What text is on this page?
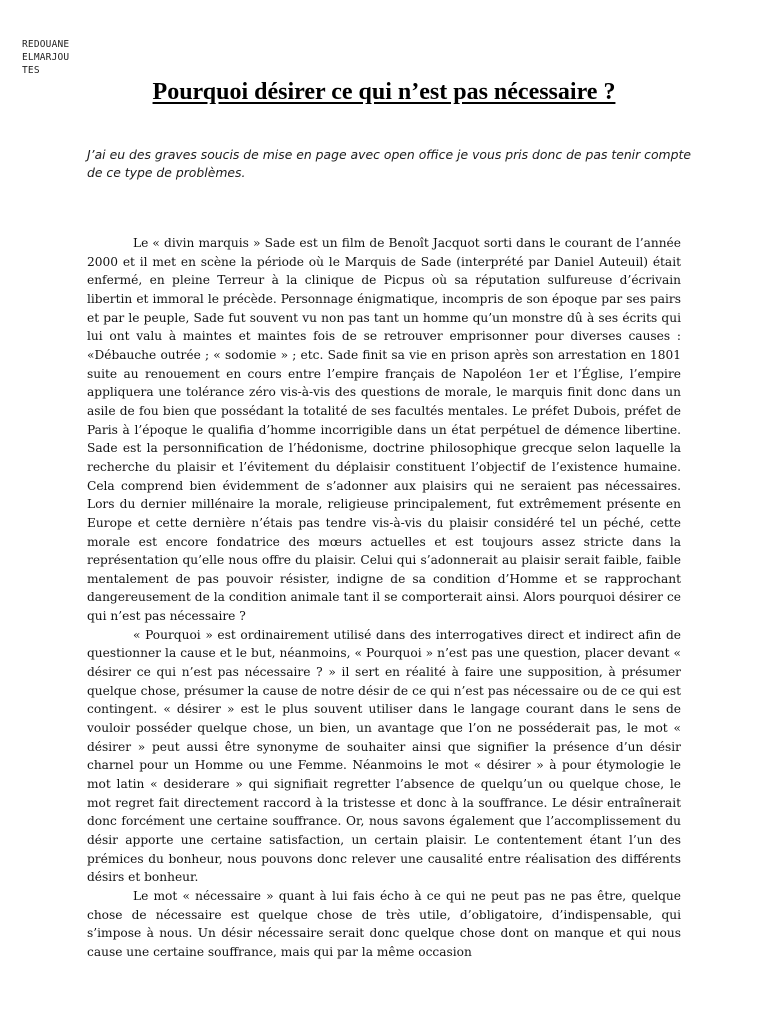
REDOUANE
ELMARJOU
TES
Pourquoi désirer ce qui n’est pas nécessaire ?
J’ai eu des graves soucis de mise en page avec open office je vous pris donc de pas tenir compte de ce type de problèmes.

Le « divin marquis » Sade est un film de Benoît Jacquot sorti dans le courant de l’année 2000 et il met en scène la période où le Marquis de Sade (interprété par Daniel Auteuil) était enfermé, en pleine Terreur à la clinique de Picpus où sa réputation sulfureuse d’écrivain libertin et immoral le précède. Personnage énigmatique, incompris de son époque par ses pairs et par le peuple, Sade fut souvent vu non pas tant un homme qu’un monstre dû à ses écrits qui lui ont valu à maintes et maintes fois de se retrouver emprisonner pour diverses causes : «Débauche outrée ; « sodomie » ; etc. Sade finit sa vie en prison après son arrestation en 1801 suite au renouement en cours entre l’empire français de Napoléon 1er et l’Église, l’empire appliquera une tolérance zéro vis-à-vis des questions de morale, le marquis finit donc dans un asile de fou bien que possédant la totalité de ses facultés mentales. Le préfet Dubois, préfet de Paris à l’époque le qualifia d’homme incorrigible dans un état perpétuel de démence libertine. Sade est la personnification de l’hédonisme, doctrine philosophique grecque selon laquelle la recherche du plaisir et l’évitement du déplaisir constituent l’objectif de l’existence humaine. Cela comprend bien évidemment de s’adonner aux plaisirs qui ne seraient pas nécessaires. Lors du dernier millénaire la morale, religieuse principalement, fut extrêmement présente en Europe et cette dernière n’étais pas tendre vis-à-vis du plaisir considéré tel un péché, cette morale est encore fondatrice des mœurs actuelles et est toujours assez stricte dans la représentation qu’elle nous offre du plaisir. Celui qui s’adonnerait au plaisir serait faible, faible mentalement de pas pouvoir résister, indigne de sa condition d’Homme et se rapprochant dangereusement de la condition animale tant il se comporterait ainsi. Alors pourquoi désirer ce qui n’est pas nécessaire ?

« Pourquoi » est ordinairement utilisé dans des interrogatives direct et indirect afin de questionner la cause et le but, néanmoins, « Pourquoi » n’est pas une question, placer devant « désirer ce qui n’est pas nécessaire ? » il sert en réalité à faire une supposition, à présumer quelque chose, présumer la cause de notre désir de ce qui n’est pas nécessaire ou de ce qui est contingent. « désirer » est le plus souvent utiliser dans le langage courant dans le sens de vouloir posséder quelque chose, un bien, un avantage que l’on ne posséderait pas, le mot « désirer » peut aussi être synonyme de souhaiter ainsi que signifier la présence d’un désir charnel pour un Homme ou une Femme. Néanmoins le mot « désirer » à pour étymologie le mot latin « desiderare » qui signifiait regretter l’absence de quelqu’un ou quelque chose, le mot regret fait directement raccord à la tristesse et donc à la souffrance. Le désir entraînerait donc forcément une certaine souffrance. Or, nous savons également que l’accomplissement du désir apporte une certaine satisfaction, un certain plaisir. Le contentement étant l’un des prémices du bonheur, nous pouvons donc relever une causalité entre réalisation des différents désirs et bonheur.

Le mot « nécessaire » quant à lui fais écho à ce qui ne peut pas ne pas être, quelque chose de nécessaire est quelque chose de très utile, d’obligatoire, d’indispensable, qui s’impose à nous. Un désir nécessaire serait donc quelque chose dont on manque et qui nous cause une certaine souffrance, mais qui par la même occasion
